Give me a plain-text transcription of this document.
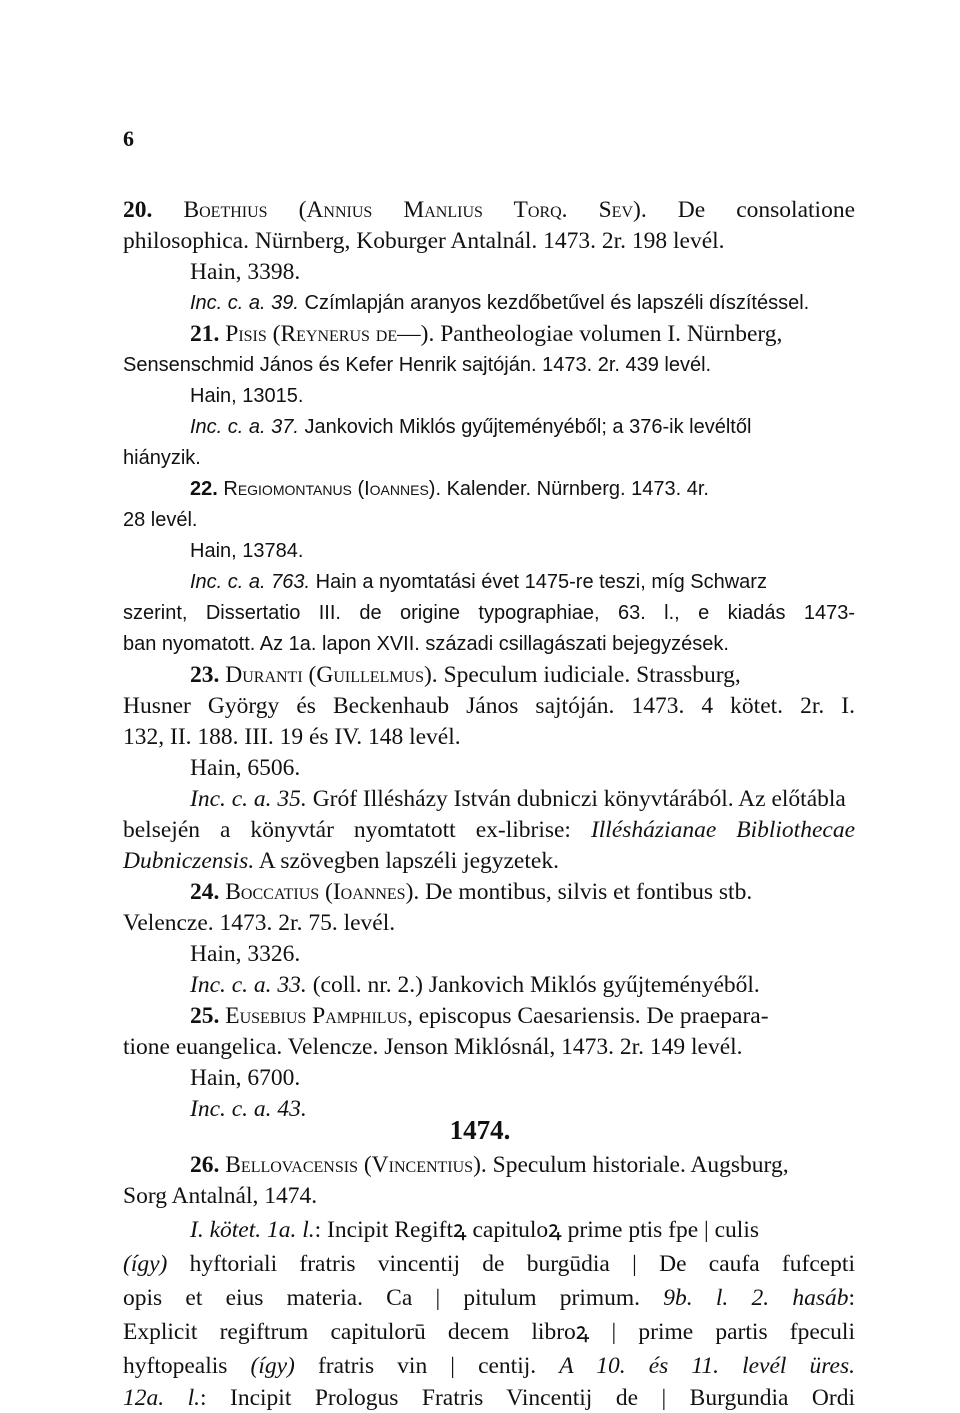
6
20. Boethius (Annius Manlius Torq. Sev). De consolatione
philosophica. Nürnberg, Koburger Antalnál. 1473. 2r. 198 levél.
Hain, 3398.
Inc. c. a. 39. Czímlapján aranyos kezdőbetűvel és lapszéli díszítéssel.
21. Pisis (Reynerus de—). Pantheologiae volumen I. Nürnberg,
Sensenschmid János és Kefer Henrik sajtóján. 1473. 2r. 439 levél.
Hain, 13015.
Inc. c. a. 37. Jankovich Miklós gyűjteményéből; a 376-ik levéltől
hiányzik.
22. Regiomontanus (Ioannes). Kalender. Nürnberg. 1473. 4r.
28 levél.
Hain, 13784.
Inc. c. a. 763. Hain a nyomtatási évet 1475-re teszi, míg Schwarz
szerint, Dissertatio III. de origine typographiae, 63. l., e kiadás 1473-
ban nyomatott. Az 1a. lapon XVII. századi csillagászati bejegyzések.
23. Duranti (Guillelmus). Speculum iudiciale. Strassburg,
Husner György és Beckenhaub János sajtóján. 1473. 4 kötet. 2r. I.
132, II. 188. III. 19 és IV. 148 levél.
Hain, 6506.
Inc. c. a. 35. Gróf Illésházy István dubniczi könyvtárából. Az előtábla
belsején a könyvtár nyomtatott ex-librise: Illésházianae Bibliothecae
Dubniczensis. A szövegben lapszéli jegyzetek.
24. Boccatius (Ioannes). De montibus, silvis et fontibus stb.
Velencze. 1473. 2r. 75. levél.
Hain, 3326.
Inc. c. a. 33. (coll. nr. 2.) Jankovich Miklós gyűjteményéből.
25. Eusebius Pamphilus, episcopus Caesariensis. De praepara-
tione euangelica. Velencze. Jenson Miklósnál, 1473. 2r. 149 levél.
Hain, 6700.
Inc. c. a. 43.
26. Bellovacensis (Vincentius). Speculum historiale. Augsburg,
Sorg Antalnál, 1474.
I. kötet. 1a. l.: Incipit Regiftꝝ capituloꝝ prime ptis fpe | culis
(így) hyftoriali fratris vincentij de burgūdia | De caufa fufcepti
opis et eius materia. Ca | pitulum primum. 9b. l. 2. hasáb:
Explicit regiftrum capitulorū decem libroꝝ | prime partis fpeculi
hyftopealis (így) fratris vin | centij. A 10. és 11. levél üres.
12a. l.: Incipit Prologus Fratris Vincentij de | Burgundia Ordi
1474.
